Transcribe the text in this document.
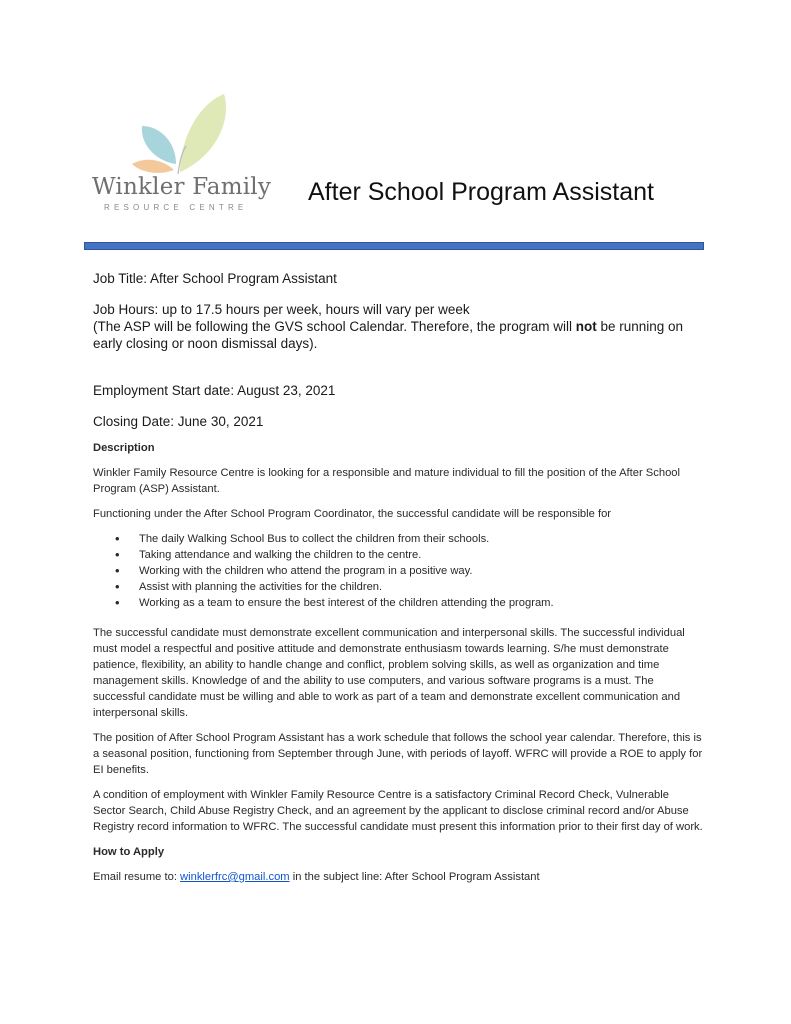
Winkler Family
RESOURCE CENTRE
After School Program Assistant

Job Title: After School Program Assistant

Job Hours: up to 17.5 hours per week, hours will vary per week

(The ASP will be following the GVS school Calendar. Therefore, the program will not be running on early closing or noon dismissal days).

Employment Start date: August 23, 2021

Closing Date: June 30, 2021

Description

Winkler Family Resource Centre is looking for a responsible and mature individual to fill the position of the After School Program (ASP) Assistant.

Functioning under the After School Program Coordinator, the successful candidate will be responsible for

• The daily Walking School Bus to collect the children from their schools.
• Taking attendance and walking the children to the centre.
• Working with the children who attend the program in a positive way.
• Assist with planning the activities for the children.
• Working as a team to ensure the best interest of the children attending the program.

The successful candidate must demonstrate excellent communication and interpersonal skills. The successful individual must model a respectful and positive attitude and demonstrate enthusiasm towards learning. S/he must demonstrate patience, flexibility, an ability to handle change and conflict, problem solving skills, as well as organization and time management skills. Knowledge of and the ability to use computers, and various software programs is a must. The successful candidate must be willing and able to work as part of a team and demonstrate excellent communication and interpersonal skills.

The position of After School Program Assistant has a work schedule that follows the school year calendar. Therefore, this is a seasonal position, functioning from September through June, with periods of layoff. WFRC will provide a ROE to apply for EI benefits.

A condition of employment with Winkler Family Resource Centre is a satisfactory Criminal Record Check, Vulnerable Sector Search, Child Abuse Registry Check, and an agreement by the applicant to disclose criminal record and/or Abuse Registry record information to WFRC. The successful candidate must present this information prior to their first day of work.

How to Apply

Email resume to: winklerfrc@gmail.com in the subject line: After School Program Assistant
